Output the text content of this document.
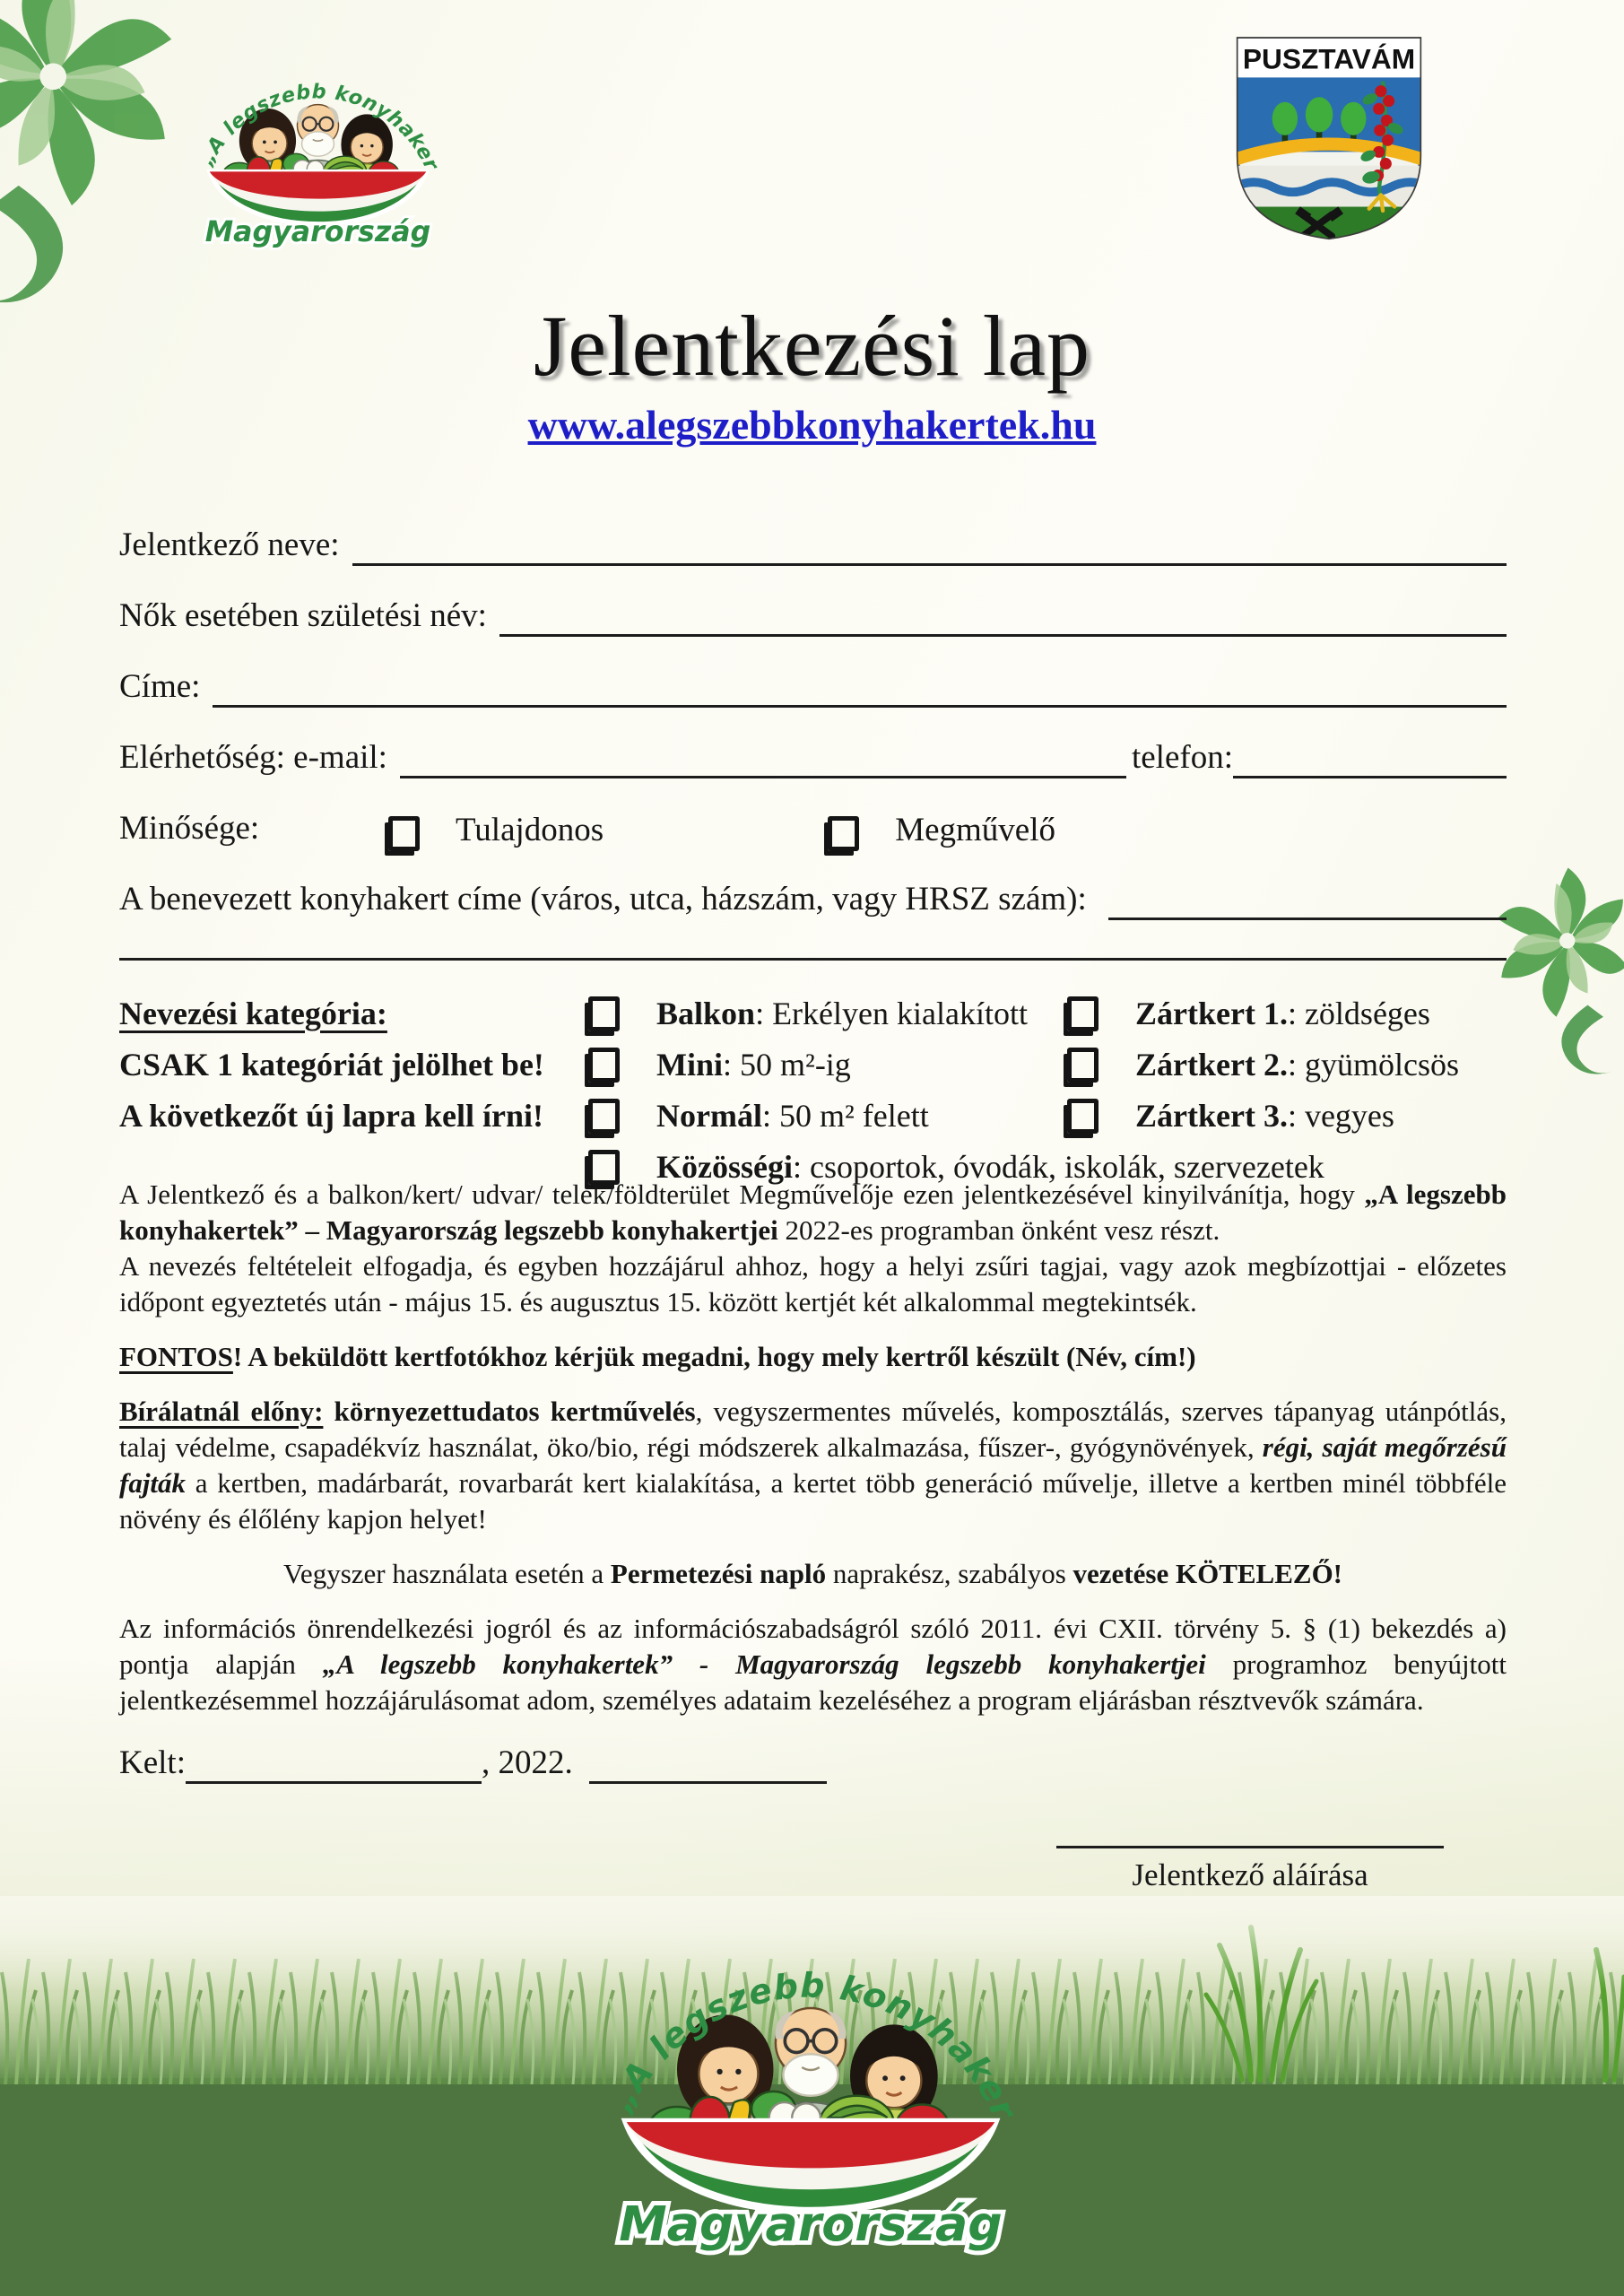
PUSZTAVÁM
Jelentkezési lap
www.alegszebbkonyhakertek.hu
Jelentkező neve:
Nők esetében születési név:
Címe:
Elérhetőség: e-mail:	telefon:
Minősége:	Tulajdonos	Megművelő
A benevezett konyhakert címe (város, utca, házszám, vagy HRSZ szám):
Nevezési kategória:	Balkon: Erkélyen kialakított	Zártkert 1.: zöldséges
CSAK 1 kategóriát jelölhet be!	Mini: 50 m²-ig	Zártkert 2.: gyümölcsös
A következőt új lapra kell írni!	Normál: 50 m² felett	Zártkert 3.: vegyes
Közösségi: csoportok, óvodák, iskolák, szervezetek

A Jelentkező és a balkon/kert/ udvar/ telek/földterület Megművelője ezen jelentkezésével kinyilvánítja, hogy „A legszebb konyhakertek” – Magyarország legszebb konyhakertjei 2022-es programban önként vesz részt.
A nevezés feltételeit elfogadja, és egyben hozzájárul ahhoz, hogy a helyi zsűri tagjai, vagy azok megbízottjai - előzetes időpont egyeztetés után - május 15. és augusztus 15. között kertjét két alkalommal megtekintsék.

FONTOS! A beküldött kertfotókhoz kérjük megadni, hogy mely kertről készült (Név, cím!)

Bírálatnál előny: környezettudatos kertművelés, vegyszermentes művelés, komposztálás, szerves tápanyag utánpótlás, talaj védelme, csapadékvíz használat, öko/bio, régi módszerek alkalmazása, fűszer-, gyógynövények, régi, saját megőrzésű fajták a kertben, madárbarát, rovarbarát kert kialakítása, a kertet több generáció művelje, illetve a kertben minél többféle növény és élőlény kapjon helyet!

Vegyszer használata esetén a Permetezési napló naprakész, szabályos vezetése KÖTELEZŐ!

Az információs önrendelkezési jogról és az információszabadságról szóló 2011. évi CXII. törvény 5. § (1) bekezdés a) pontja alapján „A legszebb konyhakertek” - Magyarország legszebb konyhakertjei programhoz benyújtott jelentkezésemmel hozzájárulásomat adom, személyes adataim kezeléséhez a program eljárásban résztvevők számára.

Kelt:	, 2022.
Jelentkező aláírása
